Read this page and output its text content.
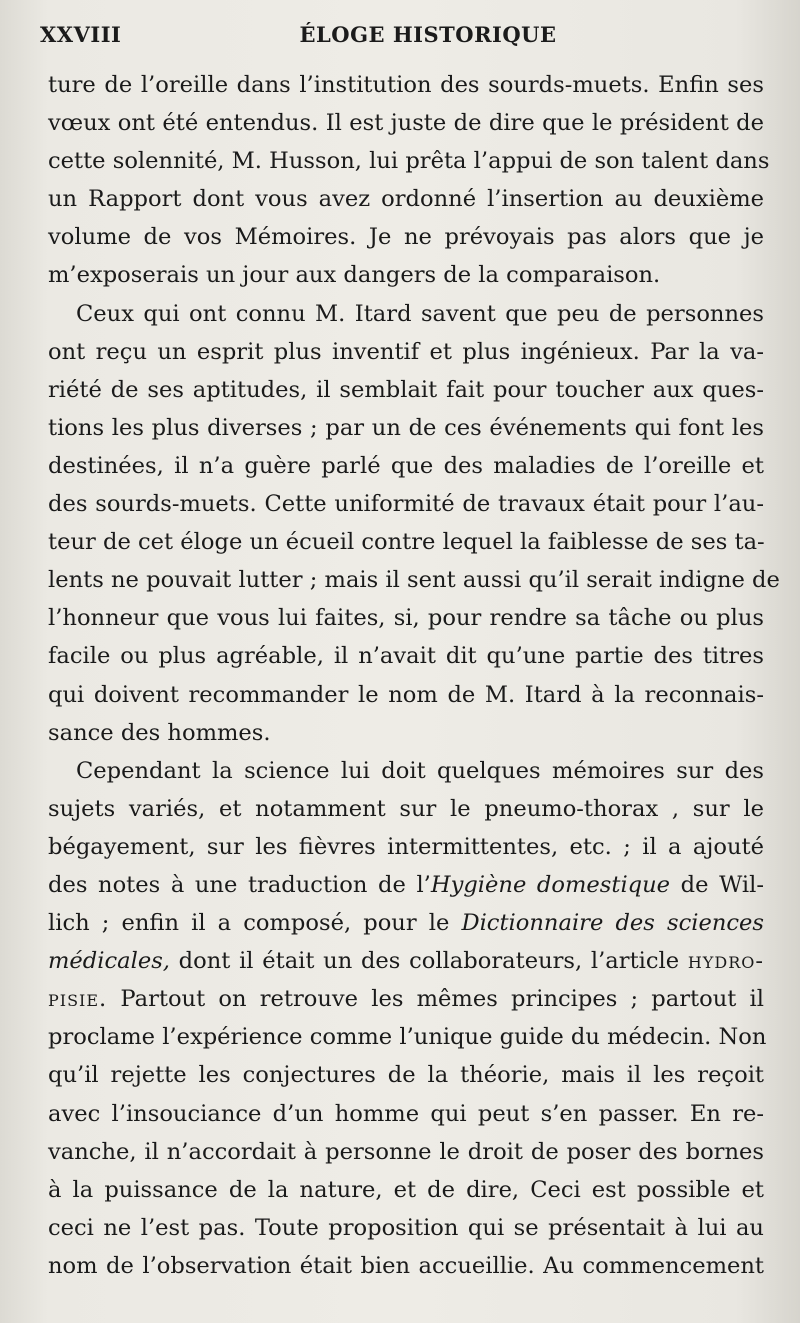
XXVIII	ÉLOGE HISTORIQUE
ture de l’oreille dans l’institution des sourds-muets. Enfin ses
vœux ont été entendus. Il est juste de dire que le président de
cette solennité, M. Husson, lui prêta l’appui de son talent dans
un Rapport dont vous avez ordonné l’insertion au deuxième
volume de vos Mémoires. Je ne prévoyais pas alors que je
m’exposerais un jour aux dangers de la comparaison.
Ceux qui ont connu M. Itard savent que peu de personnes
ont reçu un esprit plus inventif et plus ingénieux. Par la va-
riété de ses aptitudes, il semblait fait pour toucher aux ques-
tions les plus diverses ; par un de ces événements qui font les
destinées, il n’a guère parlé que des maladies de l’oreille et
des sourds-muets. Cette uniformité de travaux était pour l’au-
teur de cet éloge un écueil contre lequel la faiblesse de ses ta-
lents ne pouvait lutter ; mais il sent aussi qu’il serait indigne de
l’honneur que vous lui faites, si, pour rendre sa tâche ou plus
facile ou plus agréable, il n’avait dit qu’une partie des titres
qui doivent recommander le nom de M. Itard à la reconnais-
sance des hommes.
Cependant la science lui doit quelques mémoires sur des
sujets variés, et notamment sur le pneumo-thorax , sur le
bégayement, sur les fièvres intermittentes, etc. ; il a ajouté
des notes à une traduction de l’Hygiène domestique de Wil-
lich ; enfin il a composé, pour le Dictionnaire des sciences
médicales, dont il était un des collaborateurs, l’article hydro-
pisie. Partout on retrouve les mêmes principes ; partout il
proclame l’expérience comme l’unique guide du médecin. Non
qu’il rejette les conjectures de la théorie, mais il les reçoit
avec l’insouciance d’un homme qui peut s’en passer. En re-
vanche, il n’accordait à personne le droit de poser des bornes
à la puissance de la nature, et de dire, Ceci est possible et
ceci ne l’est pas. Toute proposition qui se présentait à lui au
nom de l’observation était bien accueillie. Au commencement
